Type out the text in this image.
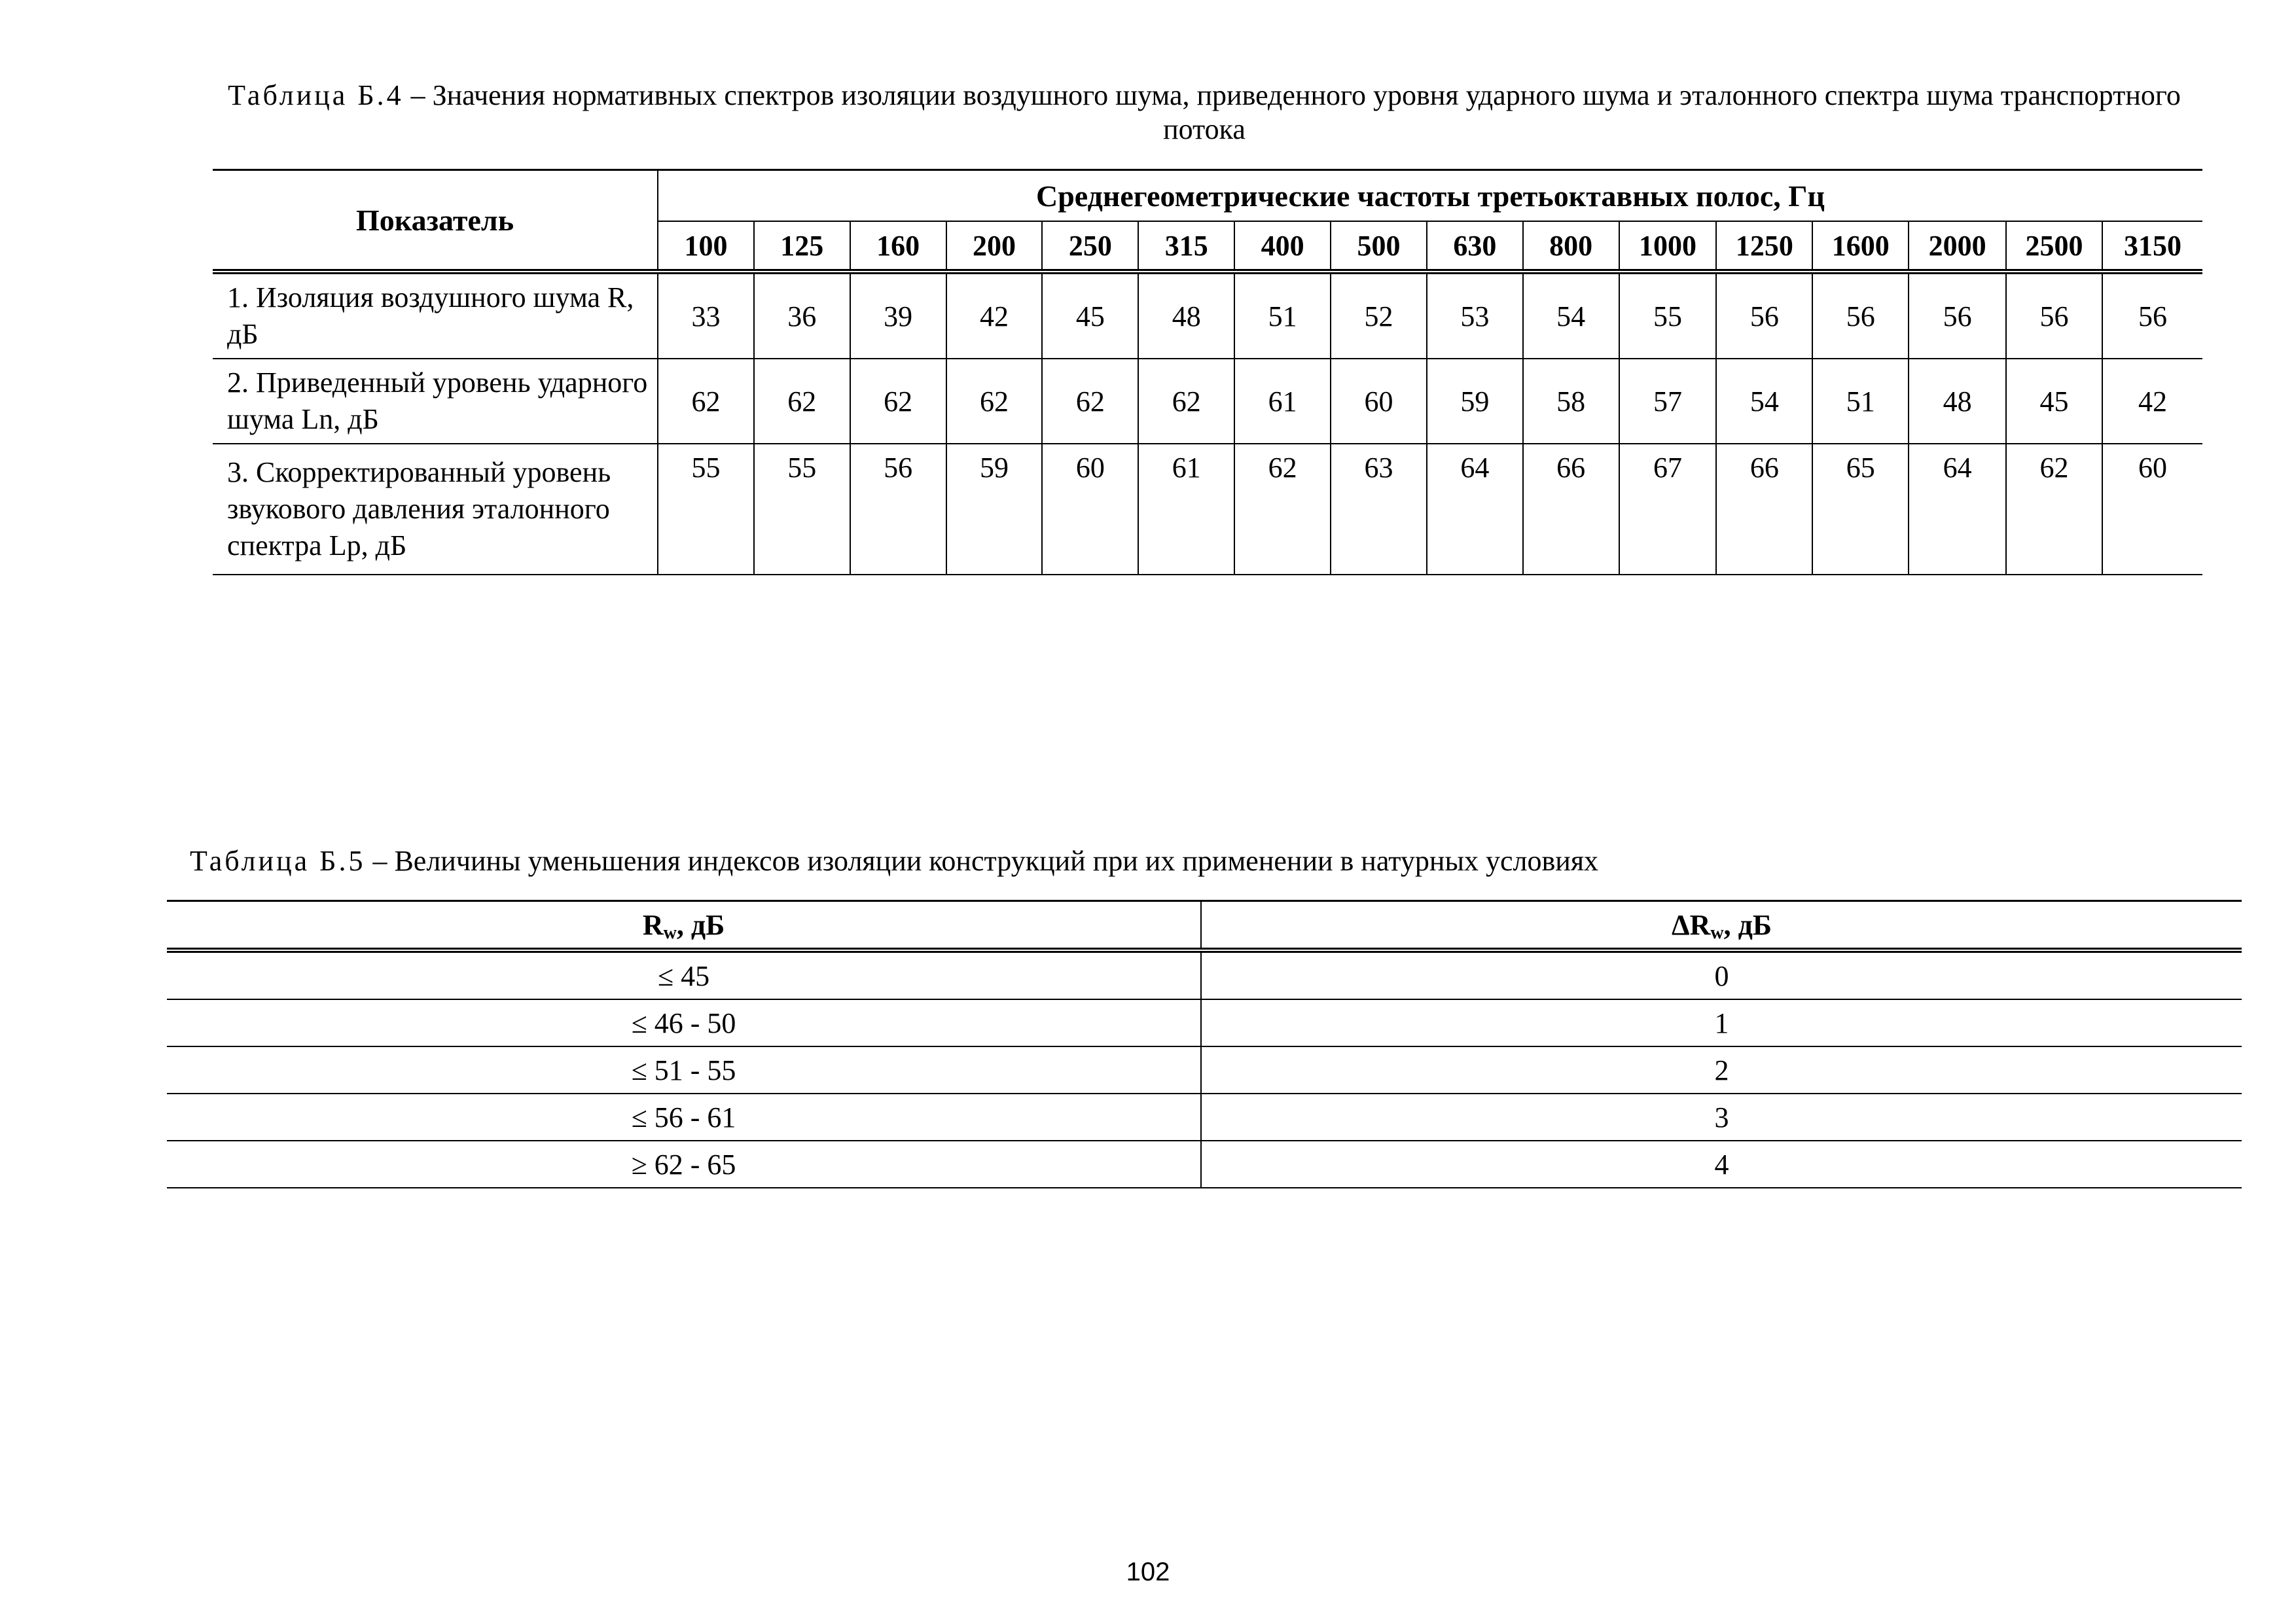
Таблица Б.4 – Значения нормативных спектров изоляции воздушного шума, приведенного уровня ударного шума и эталонного спектра шума транспортного потока
Показатель	Среднегеометрические частоты третьоктавных полос, Гц															
	100	125	160	200	250	315	400	500	630	800	1000	1250	1600	2000	2500	3150
1. Изоляция воздушного шума R, дБ	33	36	39	42	45	48	51	52	53	54	55	56	56	56	56	56
2. Приведенный уровень ударного шума Ln, дБ	62	62	62	62	62	62	61	60	59	58	57	54	51	48	45	42
3. Скорректированный уровень звукового давления эталонного спектра Lp, дБ	55	55	56	59	60	61	62	63	64	66	67	66	65	64	62	60
Таблица Б.5 – Величины уменьшения индексов изоляции конструкций при их применении в натурных условиях
$R_w$, дБ	$\Delta R_w$, дБ
≤ 45	0
≤ 46 - 50	1
≤ 51 - 55	2
≤ 56 - 61	3
≥ 62 - 65	4
102
